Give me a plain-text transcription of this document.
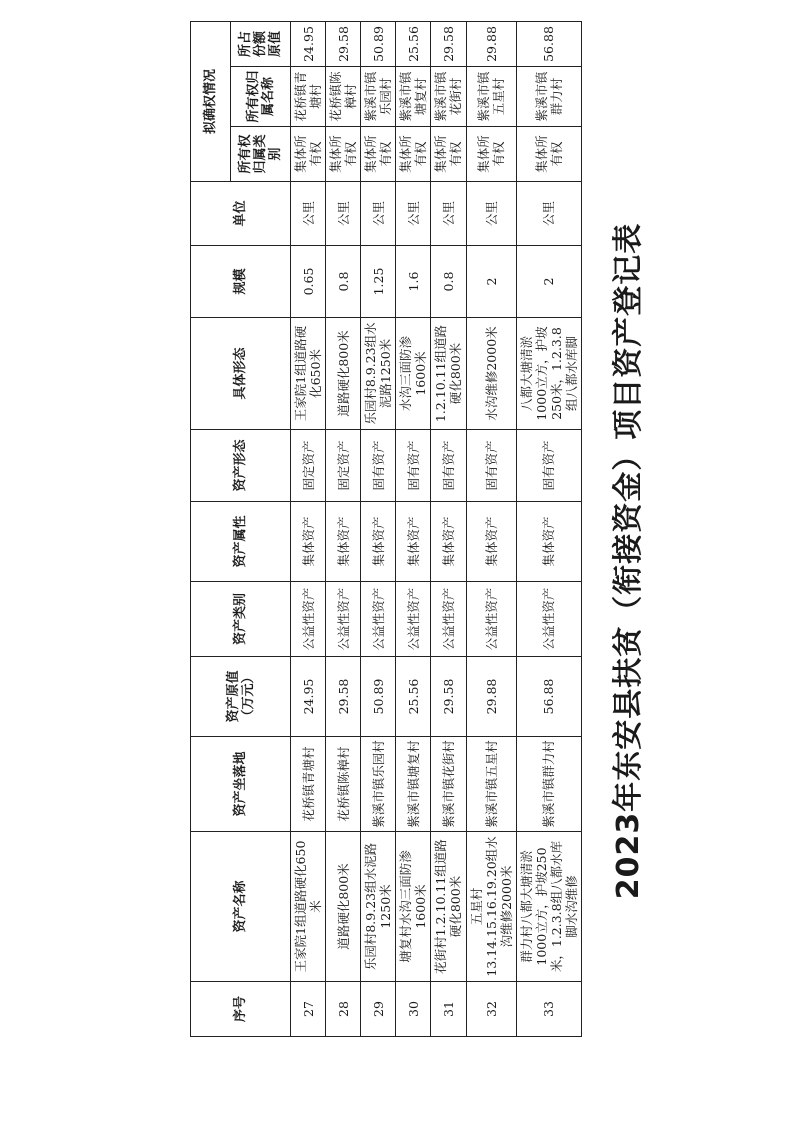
2023年东安县扶贫（衔接资金）项目资产登记表
序号	资产名称	资产坐落地	资产原值（万元）	资产类别	资产属性	资产形态	具体形态	规模	单位	拟确权情况		
										所有权归属类别	所有权归属名称	所占份额原值
27	王家院1组道路硬化650米	花桥镇青塘村	24.95	公益性资产	集体资产	固定资产	王家院1组道路硬化650米	0.65	公里	集体所有权	花桥镇青塘村	24.95
28	道路硬化800米	花桥镇陈樟村	29.58	公益性资产	集体资产	固定资产	道路硬化800米	0.8	公里	集体所有权	花桥镇陈樟村	29.58
29	乐园村8.9.23组水泥路1250米	紫溪市镇乐园村	50.89	公益性资产	集体资产	固有资产	乐园村8.9.23组水泥路1250米	1.25	公里	集体所有权	紫溪市镇乐园村	50.89
30	塘复村水沟三面防渗1600米	紫溪市镇塘复村	25.56	公益性资产	集体资产	固有资产	水沟三面防渗1600米	1.6	公里	集体所有权	紫溪市镇塘复村	25.56
31	花街村1.2.10.11组道路硬化800米	紫溪市镇花街村	29.58	公益性资产	集体资产	固有资产	1.2.10.11组道路硬化800米	0.8	公里	集体所有权	紫溪市镇花街村	29.58
32	五星村13.14.15.16.19.20组水沟维修2000米	紫溪市镇五星村	29.88	公益性资产	集体资产	固有资产	水沟维修2000米	2	公里	集体所有权	紫溪市镇五星村	29.88
33	群力村八都大塘清淤1000立方，护坡250米，1.2.3.8组八都水库脚水沟维修	紫溪市镇群力村	56.88	公益性资产	集体资产	固有资产	八都大塘清淤1000立方，护坡250米，1.2.3.8组八都水库脚	2	公里	集体所有权	紫溪市镇群力村	56.88
